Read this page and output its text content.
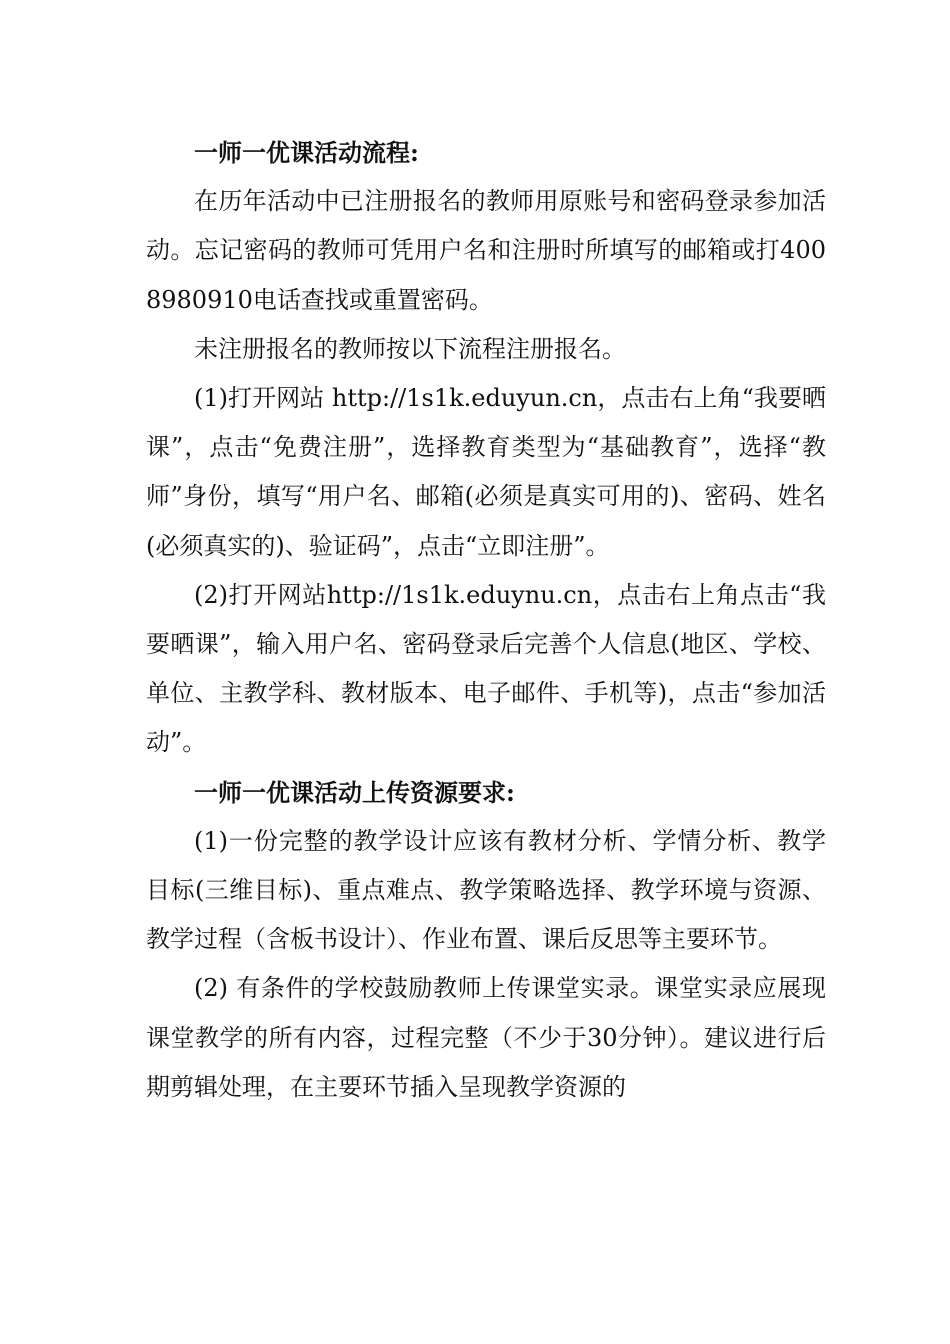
一师一优课活动流程:

在历年活动中已注册报名的教师用原账号和密码登录参加活动。忘记密码的教师可凭用户名和注册时所填写的邮箱或打4008980910电话查找或重置密码。

未注册报名的教师按以下流程注册报名。

(1)打开网站 http://1s1k.eduyun.cn，点击右上角“我要晒课”，点击“免费注册”，选择教育类型为“基础教育”，选择“教师”身份，填写“用户名、邮箱(必须是真实可用的)、密码、姓名(必须真实的)、验证码”，点击“立即注册”。

(2)打开网站http://1s1k.eduynu.cn，点击右上角点击“我要晒课”，输入用户名、密码登录后完善个人信息(地区、学校、单位、主教学科、教材版本、电子邮件、手机等)，点击“参加活动”。

一师一优课活动上传资源要求:

(1)一份完整的教学设计应该有教材分析、学情分析、教学目标(三维目标)、重点难点、教学策略选择、教学环境与资源、教学过程（含板书设计）、作业布置、课后反思等主要环节。

(2) 有条件的学校鼓励教师上传课堂实录。课堂实录应展现课堂教学的所有内容，过程完整（不少于30分钟）。建议进行后期剪辑处理，在主要环节插入呈现教学资源的
